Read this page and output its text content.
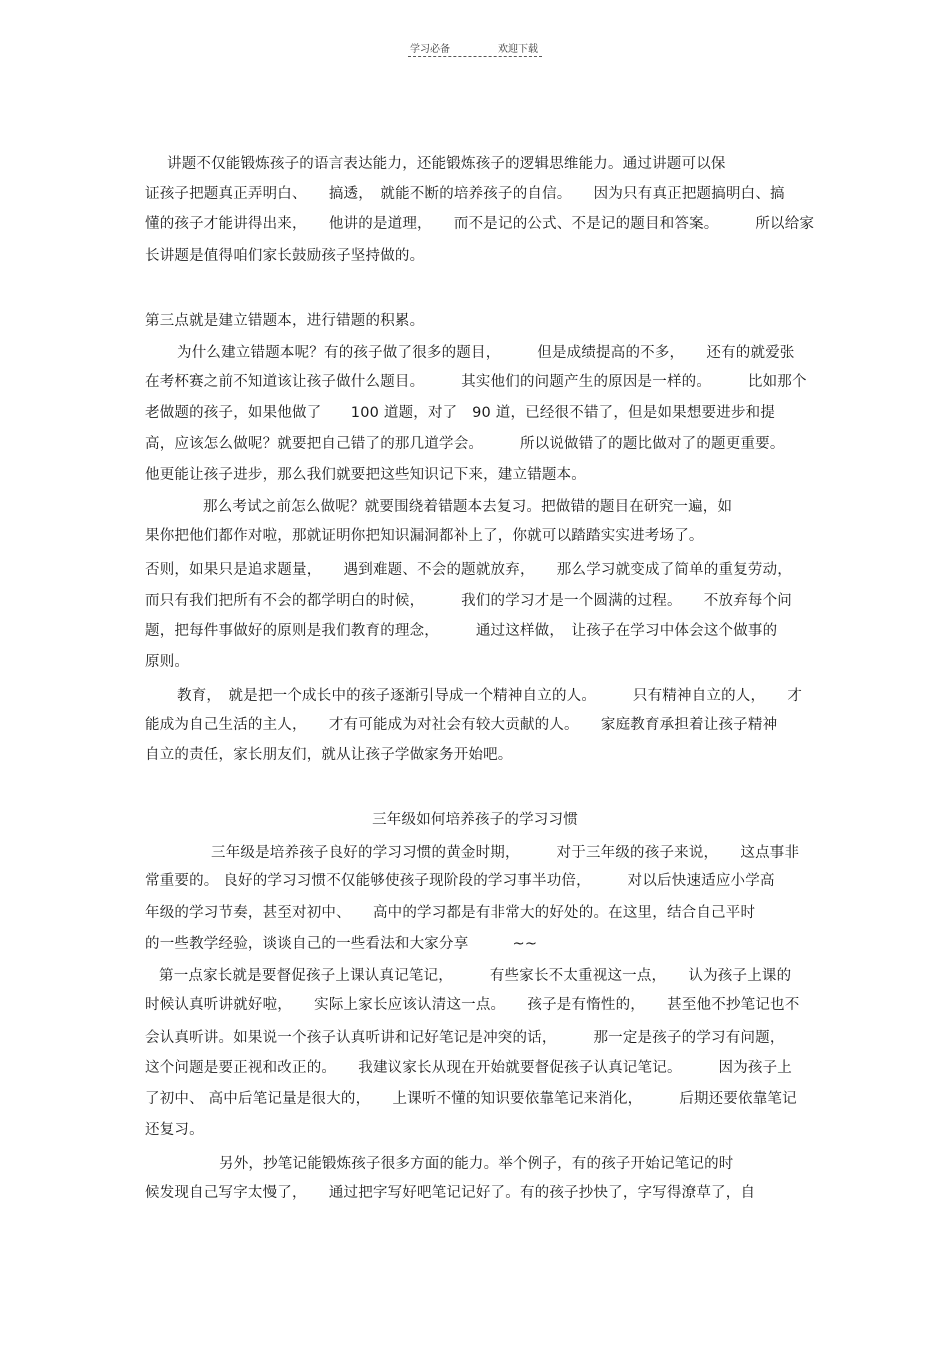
学习必备	欢迎下载
讲题不仅能锻炼孩子的语言表达能力，还能锻炼孩子的逻辑思维能力。通过讲题可以保
证孩子把题真正弄明白、　　搞透，　就能不断的培养孩子的自信。　　因为只有真正把题搞明白、搞
懂的孩子才能讲得出来，　　他讲的是道理，　　而不是记的公式、不是记的题目和答案。　　　所以给家
长讲题是值得咱们家长鼓励孩子坚持做的。
第三点就是建立错题本，进行错题的积累。
为什么建立错题本呢？有的孩子做了很多的题目，　　　但是成绩提高的不多，　　还有的就爱张
在考杯赛之前不知道该让孩子做什么题目。　　　其实他们的问题产生的原因是一样的。　　　比如那个
老做题的孩子，如果他做了　　100 道题，对了　90 道，已经很不错了，但是如果想要进步和提
高，应该怎么做呢？就要把自己错了的那几道学会。　　　所以说做错了的题比做对了的题更重要。
他更能让孩子进步，那么我们就要把这些知识记下来，建立错题本。
那么考试之前怎么做呢？就要围绕着错题本去复习。把做错的题目在研究一遍，如
果你把他们都作对啦，那就证明你把知识漏洞都补上了，你就可以踏踏实实进考场了。
否则，如果只是追求题量，　　遇到难题、不会的题就放弃，　　那么学习就变成了简单的重复劳动，
而只有我们把所有不会的都学明白的时候，　　　我们的学习才是一个圆满的过程。　　不放弃每个问
题，把每件事做好的原则是我们教育的理念，　　　通过这样做，　让孩子在学习中体会这个做事的
原则。
教育，　就是把一个成长中的孩子逐渐引导成一个精神自立的人。　　　只有精神自立的人，　　才
能成为自己生活的主人，　　才有可能成为对社会有较大贡献的人。　　家庭教育承担着让孩子精神
自立的责任，家长朋友们，就从让孩子学做家务开始吧。
三年级如何培养孩子的学习习惯
三年级是培养孩子良好的学习习惯的黄金时期，　　　对于三年级的孩子来说，　　这点事非
常重要的。 良好的学习习惯不仅能够使孩子现阶段的学习事半功倍，　　　对以后快速适应小学高
年级的学习节奏，甚至对初中、　　高中的学习都是有非常大的好处的。在这里，结合自己平时
的一些教学经验，谈谈自己的一些看法和大家分享　　　~~
第一点家长就是要督促孩子上课认真记笔记，　　　有些家长不太重视这一点，　　认为孩子上课的
时候认真听讲就好啦，　　实际上家长应该认清这一点。　　孩子是有惰性的，　　甚至他不抄笔记也不
会认真听讲。如果说一个孩子认真听讲和记好笔记是冲突的话，　　　那一定是孩子的学习有问题，
这个问题是要正视和改正的。　　我建议家长从现在开始就要督促孩子认真记笔记。　　　因为孩子上
了初中、 高中后笔记量是很大的，　　上课听不懂的知识要依靠笔记来消化，　　　后期还要依靠笔记
还复习。
另外，抄笔记能锻炼孩子很多方面的能力。举个例子，有的孩子开始记笔记的时
候发现自己写字太慢了，　　通过把字写好吧笔记记好了。有的孩子抄快了，字写得潦草了，自
